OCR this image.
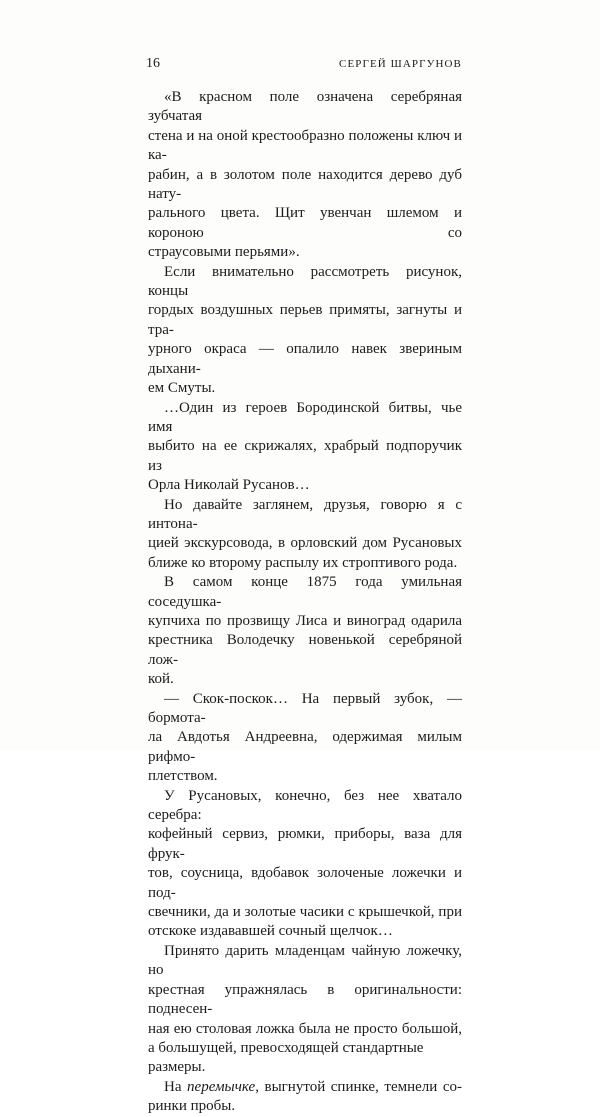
16	СЕРГЕЙ ШАРГУНОВ

«В красном поле означена серебряная зубчатая
стена и на оной крестообразно положены ключ и ка-
рабин, а в золотом поле находится дерево дуб нату-
рального цвета. Щит увенчан шлемом и короною со
страусовыми перьями».

Если внимательно рассмотреть рисунок, концы
гордых воздушных перьев примяты, загнуты и тра-
урного окраса — опалило навек звериным дыхани-
ем Смуты.

…Один из героев Бородинской битвы, чье имя
выбито на ее скрижалях, храбрый подпоручик из
Орла Николай Русанов…

Но давайте заглянем, друзья, говорю я с интона-
цией экскурсовода, в орловский дом Русановых
ближе ко второму распылу их строптивого рода.

В самом конце 1875 года умильная соседушка-
купчиха по прозвищу Лиса и виноград одарила
крестника Володечку новенькой серебряной лож-
кой.

— Скок-поскок… На первый зубок, — бормота-
ла Авдотья Андреевна, одержимая милым рифмо-
плетством.

У Русановых, конечно, без нее хватало серебра:
кофейный сервиз, рюмки, приборы, ваза для фрук-
тов, соусница, вдобавок золоченые ложечки и под-
свечники, да и золотые часики с крышечкой, при
отскоке издававшей сочный щелчок…

Принято дарить младенцам чайную ложечку, но
крестная упражнялась в оригинальности: поднесен-
ная ею столовая ложка была не просто большой,
а большущей, превосходящей стандартные размеры.

На перемычке, выгнутой спинке, темнели со-
ринки пробы.
